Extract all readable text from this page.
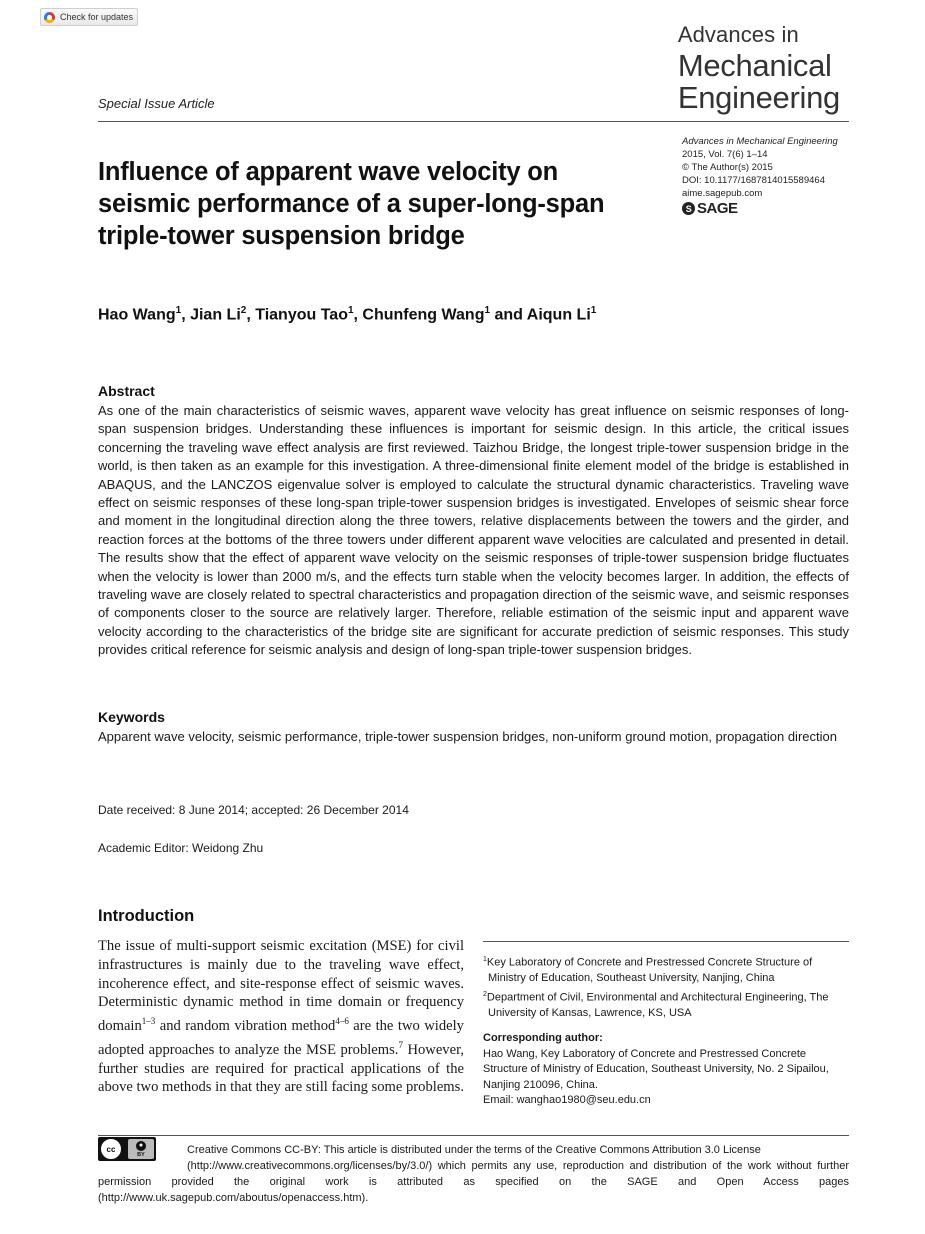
Check for updates
Advances in
Mechanical
Engineering
Special Issue Article
Advances in Mechanical Engineering
2015, Vol. 7(6) 1–14
© The Author(s) 2015
DOI: 10.1177/1687814015589464
aime.sagepub.com
S SAGE
Influence of apparent wave velocity on seismic performance of a super-long-span triple-tower suspension bridge
Hao Wang$^1$, Jian Li$^2$, Tianyou Tao$^1$, Chunfeng Wang$^1$ and Aiqun Li$^1$
Abstract
As one of the main characteristics of seismic waves, apparent wave velocity has great influence on seismic responses of long-span suspension bridges. Understanding these influences is important for seismic design. In this article, the critical issues concerning the traveling wave effect analysis are first reviewed. Taizhou Bridge, the longest triple-tower suspension bridge in the world, is then taken as an example for this investigation. A three-dimensional finite element model of the bridge is established in ABAQUS, and the LANCZOS eigenvalue solver is employed to calculate the structural dynamic characteristics. Traveling wave effect on seismic responses of these long-span triple-tower suspension bridges is investigated. Envelopes of seismic shear force and moment in the longitudinal direction along the three towers, relative displacements between the towers and the girder, and reaction forces at the bottoms of the three towers under different apparent wave velocities are calculated and presented in detail. The results show that the effect of apparent wave velocity on the seismic responses of triple-tower suspension bridge fluctuates when the velocity is lower than 2000 m/s, and the effects turn stable when the velocity becomes larger. In addition, the effects of traveling wave are closely related to spectral characteristics and propagation direction of the seismic wave, and seismic responses of components closer to the source are relatively larger. Therefore, reliable estimation of the seismic input and apparent wave velocity according to the characteristics of the bridge site are significant for accurate prediction of seismic responses. This study provides critical reference for seismic analysis and design of long-span triple-tower suspension bridges.
Keywords
Apparent wave velocity, seismic performance, triple-tower suspension bridges, non-uniform ground motion, propagation direction
Date received: 8 June 2014; accepted: 26 December 2014
Academic Editor: Weidong Zhu
Introduction
The issue of multi-support seismic excitation (MSE) for civil infrastructures is mainly due to the traveling wave effect, incoherence effect, and site-response effect of seismic waves. Deterministic dynamic method in time domain or frequency domain$^{1-3}$ and random vibration method$^{4-6}$ are the two widely adopted approaches to analyze the MSE problems.$^7$ However, further studies are required for practical applications of the above two methods in that they are still facing some problems.
$^1$Key Laboratory of Concrete and Prestressed Concrete Structure of Ministry of Education, Southeast University, Nanjing, China
$^2$Department of Civil, Environmental and Architectural Engineering, The University of Kansas, Lawrence, KS, USA
Corresponding author:
Hao Wang, Key Laboratory of Concrete and Prestressed Concrete
Structure of Ministry of Education, Southeast University, No. 2 Sipailou,
Nanjing 210096, China.
Email: wanghao1980@seu.edu.cn
cc	●
BY	Creative Commons CC-BY: This article is distributed under the terms of the Creative Commons Attribution 3.0 License
(http://www.creativecommons.org/licenses/by/3.0/) which permits any use, reproduction and distribution of the work without further permission provided the original work is attributed as specified on the SAGE and Open Access pages (http://www.uk.sagepub.com/aboutus/openaccess.htm).
